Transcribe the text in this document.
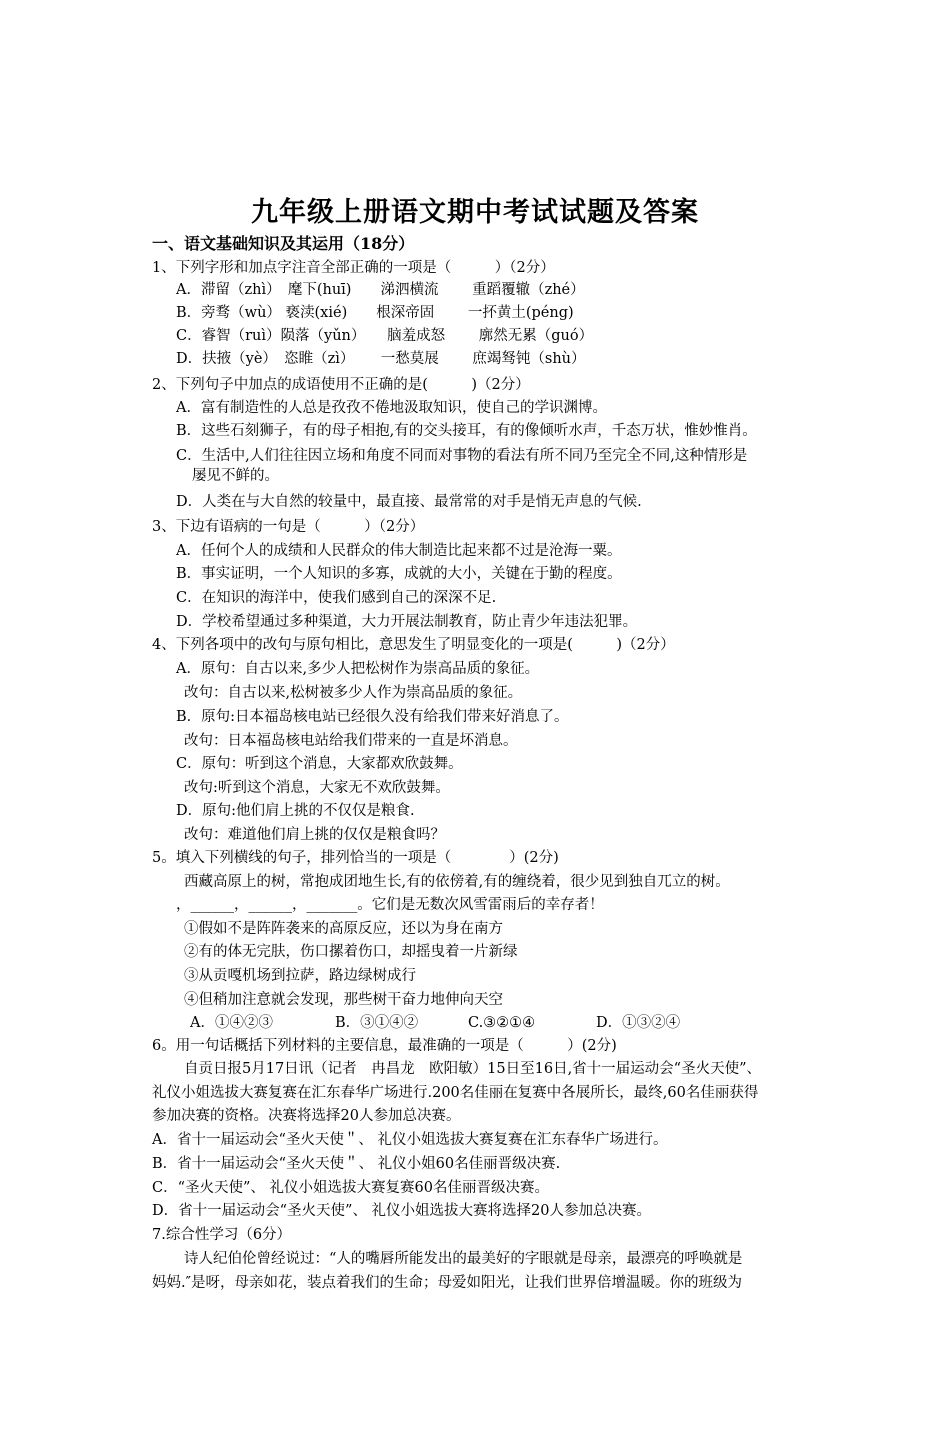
九年级上册语文期中考试试题及答案
一、语文基础知识及其运用（18分）
1、下列字形和加点字注音全部正确的一项是（　　　）（2分）
A．滞留（zhì）　麾下(huī)　　涕泗横流　　 重蹈覆辙（zhé）
B．旁骛（wù） 亵渎(xié)　　根深帝固　　 一抔黄土(péng)
C．睿智（ruì）陨落（yǔn）　　脑羞成怒　　 廓然无累（guó）
D．扶掖（yè）　恣睢（zì）　　 一愁莫展　　 庶竭驽钝（shù）
2、下列句子中加点的成语使用不正确的是(　　　)（2分）
A．富有制造性的人总是孜孜不倦地汲取知识，使自己的学识渊博。
B．这些石刻狮子，有的母子相抱,有的交头接耳，有的像倾听水声，千态万状，惟妙惟肖。
C．生活中,人们往往因立场和角度不同而对事物的看法有所不同乃至完全不同,这种情形是
屡见不鲜的。
D．人类在与大自然的较量中，最直接、最常常的对手是悄无声息的气候.
3、下边有语病的一句是（　　　）（2分）
A．任何个人的成绩和人民群众的伟大制造比起来都不过是沧海一粟。
B．事实证明，一个人知识的多寡，成就的大小，关键在于勤的程度。
C．在知识的海洋中，使我们感到自己的深深不足.
D．学校希望通过多种渠道，大力开展法制教育，防止青少年违法犯罪。
4、下列各项中的改句与原句相比，意思发生了明显变化的一项是(　　　)（2分）
A．原句：自古以来,多少人把松树作为崇高品质的象征。
改句：自古以来,松树被多少人作为崇高品质的象征。
B．原句:日本福岛核电站已经很久没有给我们带来好消息了。
改句：日本福岛核电站给我们带来的一直是坏消息。
C．原句：听到这个消息，大家都欢欣鼓舞。
改句:听到这个消息，大家无不欢欣鼓舞。
D．原句:他们肩上挑的不仅仅是粮食.
改句：难道他们肩上挑的仅仅是粮食吗？
5。填入下列横线的句子，排列恰当的一项是（　　　　）(2分)
西藏高原上的树，常抱成团地生长,有的依傍着,有的缠绕着，很少见到独自兀立的树。
，______，______，_______。它们是无数次风雪雷雨后的幸存者！
①假如不是阵阵袭来的高原反应，还以为身在南方
②有的体无完肤，伤口摞着伤口，却摇曳着一片新绿
③从贡嘎机场到拉萨，路边绿树成行
④但稍加注意就会发现，那些树干奋力地伸向天空
A．①④②③	B．③①④②	C.③②①④	D．①③②④
6。用一句话概括下列材料的主要信息，最准确的一项是（　　　）(2分)
自贡日报5月17日讯（记者　冉昌龙　欧阳敏）15日至16日,省十一届运动会“圣火天使”、
礼仪小姐选拔大赛复赛在汇东春华广场进行.200名佳丽在复赛中各展所长，最终,60名佳丽获得
参加决赛的资格。决赛将选择20人参加总决赛。
A．省十一届运动会“圣火天使＂、 礼仪小姐选拔大赛复赛在汇东春华广场进行。
B．省十一届运动会“圣火天使＂、 礼仪小姐60名佳丽晋级决赛.
C．“圣火天使”、 礼仪小姐选拔大赛复赛60名佳丽晋级决赛。
D．省十一届运动会“圣火天使”、 礼仪小姐选拔大赛将选择20人参加总决赛。
7.综合性学习（6分）
诗人纪伯伦曾经说过：“人的嘴唇所能发出的最美好的字眼就是母亲，最漂亮的呼唤就是
妈妈.″是呀，母亲如花，装点着我们的生命；母爱如阳光，让我们世界倍增温暖。你的班级为
